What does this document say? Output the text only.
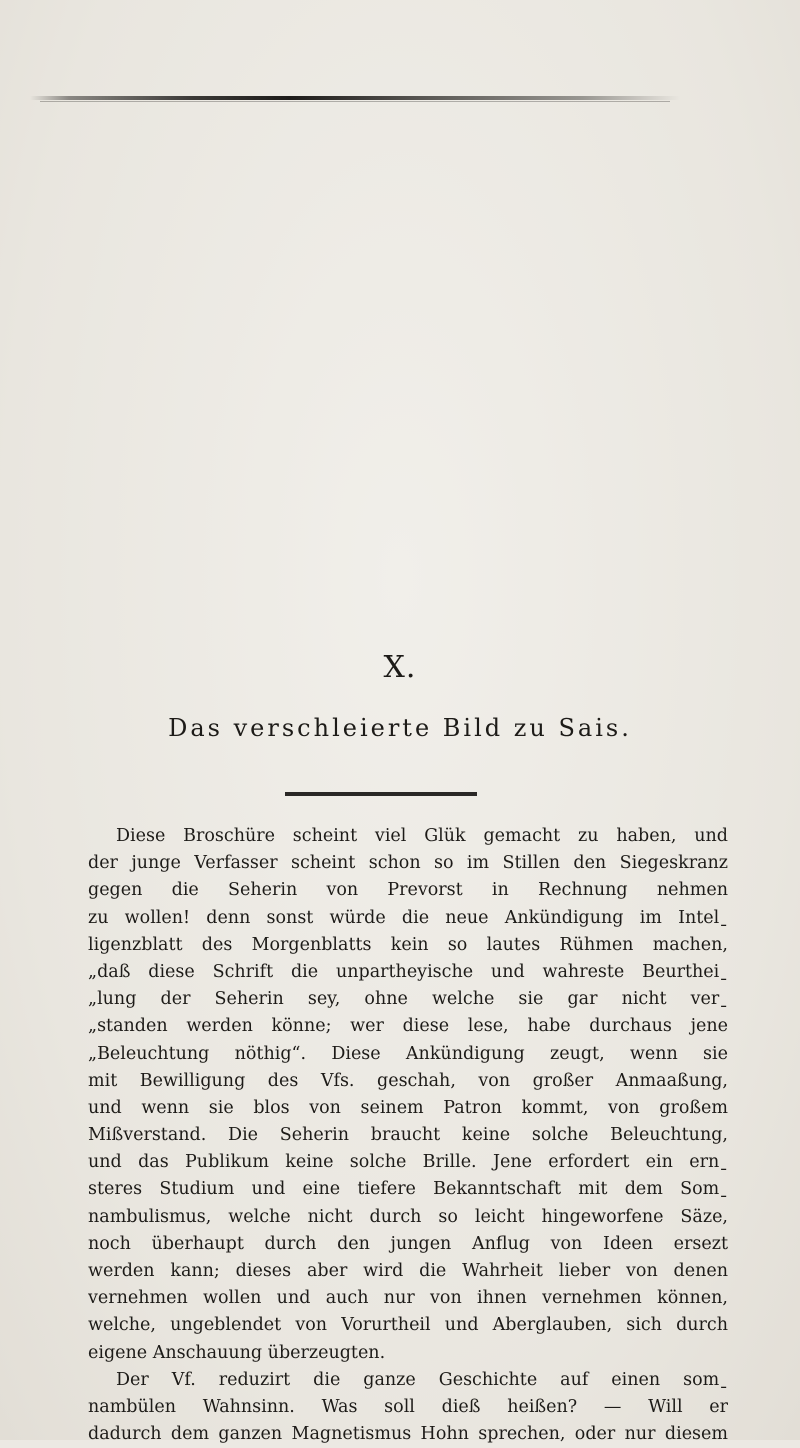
X.
Das verschleierte Bild zu Sais.
Diese Broschüre scheint viel Glük gemacht zu haben, und
der junge Verfasser scheint schon so im Stillen den Siegeskranz
gegen die Seherin von Prevorst in Rechnung nehmen
zu wollen! denn sonst würde die neue Ankündigung im Intelˍ
ligenzblatt des Morgenblatts kein so lautes Rühmen machen,
„daß diese Schrift die unpartheyische und wahreste Beurtheiˍ
„lung der Seherin sey, ohne welche sie gar nicht verˍ
„standen werden könne; wer diese lese, habe durchaus jene
„Beleuchtung nöthig“. Diese Ankündigung zeugt, wenn sie
mit Bewilligung des Vfs. geschah, von großer Anmaaßung,
und wenn sie blos von seinem Patron kommt, von großem
Mißverstand. Die Seherin braucht keine solche Beleuchtung,
und das Publikum keine solche Brille. Jene erfordert ein ernˍ
steres Studium und eine tiefere Bekanntschaft mit dem Somˍ
nambulismus, welche nicht durch so leicht hingeworfene Säze,
noch überhaupt durch den jungen Anflug von Ideen ersezt
werden kann; dieses aber wird die Wahrheit lieber von denen
vernehmen wollen und auch nur von ihnen vernehmen können,
welche, ungeblendet von Vorurtheil und Aberglauben, sich durch
eigene Anschauung überzeugten.
Der Vf. reduzirt die ganze Geschichte auf einen somˍ
nambülen Wahnsinn. Was soll dieß heißen? — Will er
dadurch dem ganzen Magnetismus Hohn sprechen, oder nur diesem
